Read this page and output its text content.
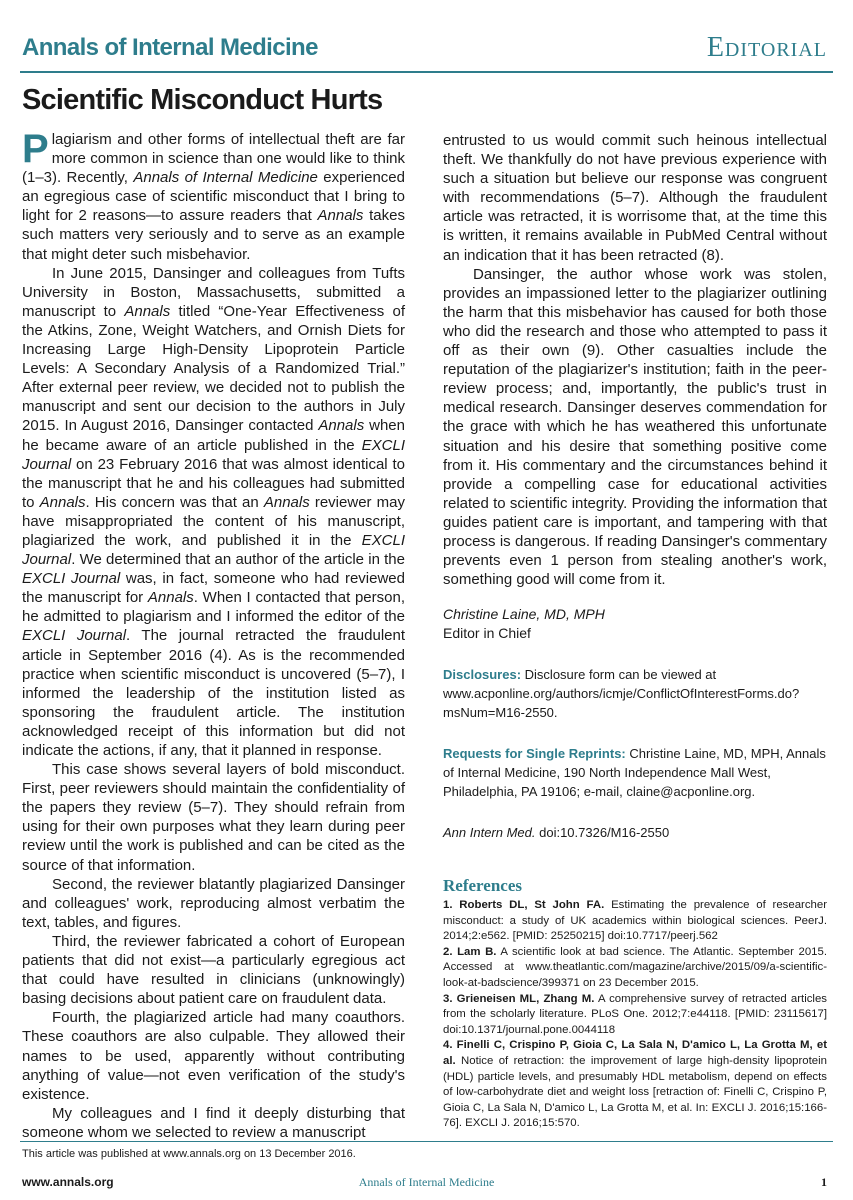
Annals of Internal Medicine	Editorial
Scientific Misconduct Hurts

Plagiarism and other forms of intellectual theft are far more common in science than one would like to think (1–3). Recently, Annals of Internal Medicine experienced an egregious case of scientific misconduct that I bring to light for 2 reasons—to assure readers that Annals takes such matters very seriously and to serve as an example that might deter such misbehavior.

In June 2015, Dansinger and colleagues from Tufts University in Boston, Massachusetts, submitted a manuscript to Annals titled “One-Year Effectiveness of the Atkins, Zone, Weight Watchers, and Ornish Diets for Increasing Large High-Density Lipoprotein Particle Levels: A Secondary Analysis of a Randomized Trial.” After external peer review, we decided not to publish the manuscript and sent our decision to the authors in July 2015. In August 2016, Dansinger contacted Annals when he became aware of an article published in the EXCLI Journal on 23 February 2016 that was almost identical to the manuscript that he and his colleagues had submitted to Annals. His concern was that an Annals reviewer may have misappropriated the content of his manuscript, plagiarized the work, and published it in the EXCLI Journal. We determined that an author of the article in the EXCLI Journal was, in fact, someone who had reviewed the manuscript for Annals. When I contacted that person, he admitted to plagiarism and I informed the editor of the EXCLI Journal. The journal retracted the fraudulent article in September 2016 (4). As is the recommended practice when scientific misconduct is uncovered (5–7), I informed the leadership of the institution listed as sponsoring the fraudulent article. The institution acknowledged receipt of this information but did not indicate the actions, if any, that it planned in response.

This case shows several layers of bold misconduct. First, peer reviewers should maintain the confidentiality of the papers they review (5–7). They should refrain from using for their own purposes what they learn during peer review until the work is published and can be cited as the source of that information.

Second, the reviewer blatantly plagiarized Dansinger and colleagues' work, reproducing almost verbatim the text, tables, and figures.

Third, the reviewer fabricated a cohort of European patients that did not exist—a particularly egregious act that could have resulted in clinicians (unknowingly) basing decisions about patient care on fraudulent data.

Fourth, the plagiarized article had many coauthors. These coauthors are also culpable. They allowed their names to be used, apparently without contributing anything of value—not even verification of the study's existence.

My colleagues and I find it deeply disturbing that someone whom we selected to review a manuscript

entrusted to us would commit such heinous intellectual theft. We thankfully do not have previous experience with such a situation but believe our response was congruent with recommendations (5–7). Although the fraudulent article was retracted, it is worrisome that, at the time this is written, it remains available in PubMed Central without an indication that it has been retracted (8).

Dansinger, the author whose work was stolen, provides an impassioned letter to the plagiarizer outlining the harm that this misbehavior has caused for both those who did the research and those who attempted to pass it off as their own (9). Other casualties include the reputation of the plagiarizer's institution; faith in the peer-review process; and, importantly, the public's trust in medical research. Dansinger deserves commendation for the grace with which he has weathered this unfortunate situation and his desire that something positive come from it. His commentary and the circumstances behind it provide a compelling case for educational activities related to scientific integrity. Providing the information that guides patient care is important, and tampering with that process is dangerous. If reading Dansinger's commentary prevents even 1 person from stealing another's work, something good will come from it.

Christine Laine, MD, MPH
Editor in Chief
Disclosures: Disclosure form can be viewed at www.acponline.org/authors/icmje/ConflictOfInterestForms.do?msNum=M16-2550.
Requests for Single Reprints: Christine Laine, MD, MPH, Annals of Internal Medicine, 190 North Independence Mall West, Philadelphia, PA 19106; e-mail, claine@acponline.org.
Ann Intern Med. doi:10.7326/M16-2550
References

1. Roberts DL, St John FA. Estimating the prevalence of researcher misconduct: a study of UK academics within biological sciences. PeerJ. 2014;2:e562. [PMID: 25250215] doi:10.7717/peerj.562

2. Lam B. A scientific look at bad science. The Atlantic. September 2015. Accessed at www.theatlantic.com/magazine/archive/2015/09/a-scientific-look-at-badscience/399371 on 23 December 2015.

3. Grieneisen ML, Zhang M. A comprehensive survey of retracted articles from the scholarly literature. PLoS One. 2012;7:e44118. [PMID: 23115617] doi:10.1371/journal.pone.0044118

4. Finelli C, Crispino P, Gioia C, La Sala N, D'amico L, La Grotta M, et al. Notice of retraction: the improvement of large high-density lipoprotein (HDL) particle levels, and presumably HDL metabolism, depend on effects of low-carbohydrate diet and weight loss [retraction of: Finelli C, Crispino P, Gioia C, La Sala N, D'amico L, La Grotta M, et al. In: EXCLI J. 2016;15:166-76]. EXCLI J. 2016;15:570.

This article was published at www.annals.org on 13 December 2016.
www.annals.org	Annals of Internal Medicine	1
